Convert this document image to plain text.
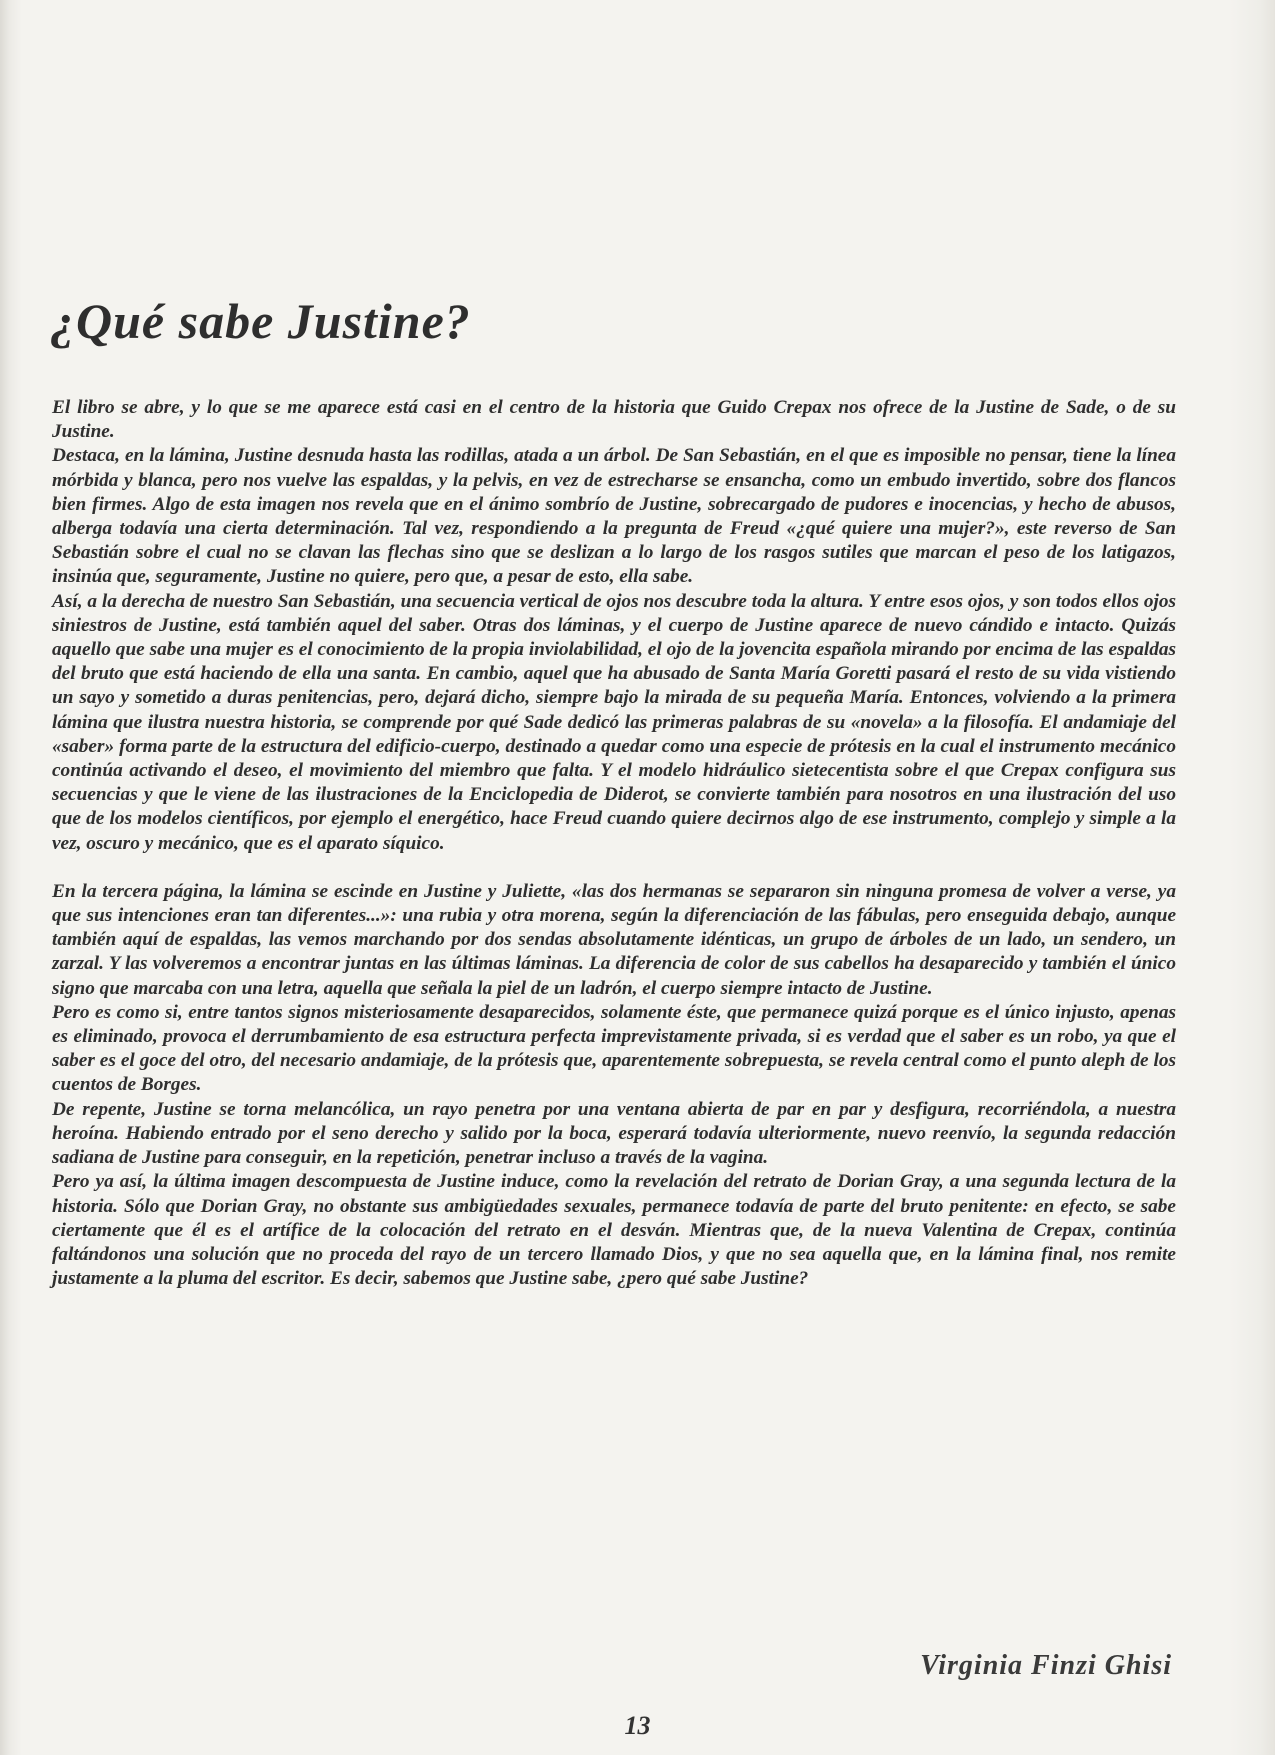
¿Qué sabe Justine?

El libro se abre, y lo que se me aparece está casi en el centro de la historia que Guido Crepax nos ofrece de la Justine de Sade, o de su Justine.

Destaca, en la lámina, Justine desnuda hasta las rodillas, atada a un árbol. De San Sebastián, en el que es imposible no pensar, tiene la línea mórbida y blanca, pero nos vuelve las espaldas, y la pelvis, en vez de estrecharse se ensancha, como un embudo invertido, sobre dos flancos bien firmes. Algo de esta imagen nos revela que en el ánimo sombrío de Justine, sobrecargado de pudores e inocencias, y hecho de abusos, alberga todavía una cierta determinación. Tal vez, respondiendo a la pregunta de Freud «¿qué quiere una mujer?», este reverso de San Sebastián sobre el cual no se clavan las flechas sino que se deslizan a lo largo de los rasgos sutiles que marcan el peso de los latigazos, insinúa que, seguramente, Justine no quiere, pero que, a pesar de esto, ella sabe.

Así, a la derecha de nuestro San Sebastián, una secuencia vertical de ojos nos descubre toda la altura. Y entre esos ojos, y son todos ellos ojos siniestros de Justine, está también aquel del saber. Otras dos láminas, y el cuerpo de Justine aparece de nuevo cándido e intacto. Quizás aquello que sabe una mujer es el conocimiento de la propia inviolabilidad, el ojo de la jovencita española mirando por encima de las espaldas del bruto que está haciendo de ella una santa. En cambio, aquel que ha abusado de Santa María Goretti pasará el resto de su vida vistiendo un sayo y sometido a duras penitencias, pero, dejará dicho, siempre bajo la mirada de su pequeña María. Entonces, volviendo a la primera lámina que ilustra nuestra historia, se comprende por qué Sade dedicó las primeras palabras de su «novela» a la filosofía. El andamiaje del «saber» forma parte de la estructura del edificio-cuerpo, destinado a quedar como una especie de prótesis en la cual el instrumento mecánico continúa activando el deseo, el movimiento del miembro que falta. Y el modelo hidráulico sietecentista sobre el que Crepax configura sus secuencias y que le viene de las ilustraciones de la Enciclopedia de Diderot, se convierte también para nosotros en una ilustración del uso que de los modelos científicos, por ejemplo el energético, hace Freud cuando quiere decirnos algo de ese instrumento, complejo y simple a la vez, oscuro y mecánico, que es el aparato síquico.

En la tercera página, la lámina se escinde en Justine y Juliette, «las dos hermanas se separaron sin ninguna promesa de volver a verse, ya que sus intenciones eran tan diferentes...»: una rubia y otra morena, según la diferenciación de las fábulas, pero enseguida debajo, aunque también aquí de espaldas, las vemos marchando por dos sendas absolutamente idénticas, un grupo de árboles de un lado, un sendero, un zarzal. Y las volveremos a encontrar juntas en las últimas láminas. La diferencia de color de sus cabellos ha desaparecido y también el único signo que marcaba con una letra, aquella que señala la piel de un ladrón, el cuerpo siempre intacto de Justine.

Pero es como si, entre tantos signos misteriosamente desaparecidos, solamente éste, que permanece quizá porque es el único injusto, apenas es eliminado, provoca el derrumbamiento de esa estructura perfecta imprevistamente privada, si es verdad que el saber es un robo, ya que el saber es el goce del otro, del necesario andamiaje, de la prótesis que, aparentemente sobrepuesta, se revela central como el punto aleph de los cuentos de Borges.

De repente, Justine se torna melancólica, un rayo penetra por una ventana abierta de par en par y desfigura, recorriéndola, a nuestra heroína. Habiendo entrado por el seno derecho y salido por la boca, esperará todavía ulteriormente, nuevo reenvío, la segunda redacción sadiana de Justine para conseguir, en la repetición, penetrar incluso a través de la vagina.

Pero ya así, la última imagen descompuesta de Justine induce, como la revelación del retrato de Dorian Gray, a una segunda lectura de la historia. Sólo que Dorian Gray, no obstante sus ambigüedades sexuales, permanece todavía de parte del bruto penitente: en efecto, se sabe ciertamente que él es el artífice de la colocación del retrato en el desván. Mientras que, de la nueva Valentina de Crepax, continúa faltándonos una solución que no proceda del rayo de un tercero llamado Dios, y que no sea aquella que, en la lámina final, nos remite justamente a la pluma del escritor. Es decir, sabemos que Justine sabe, ¿pero qué sabe Justine?

Virginia Finzi Ghisi

13
